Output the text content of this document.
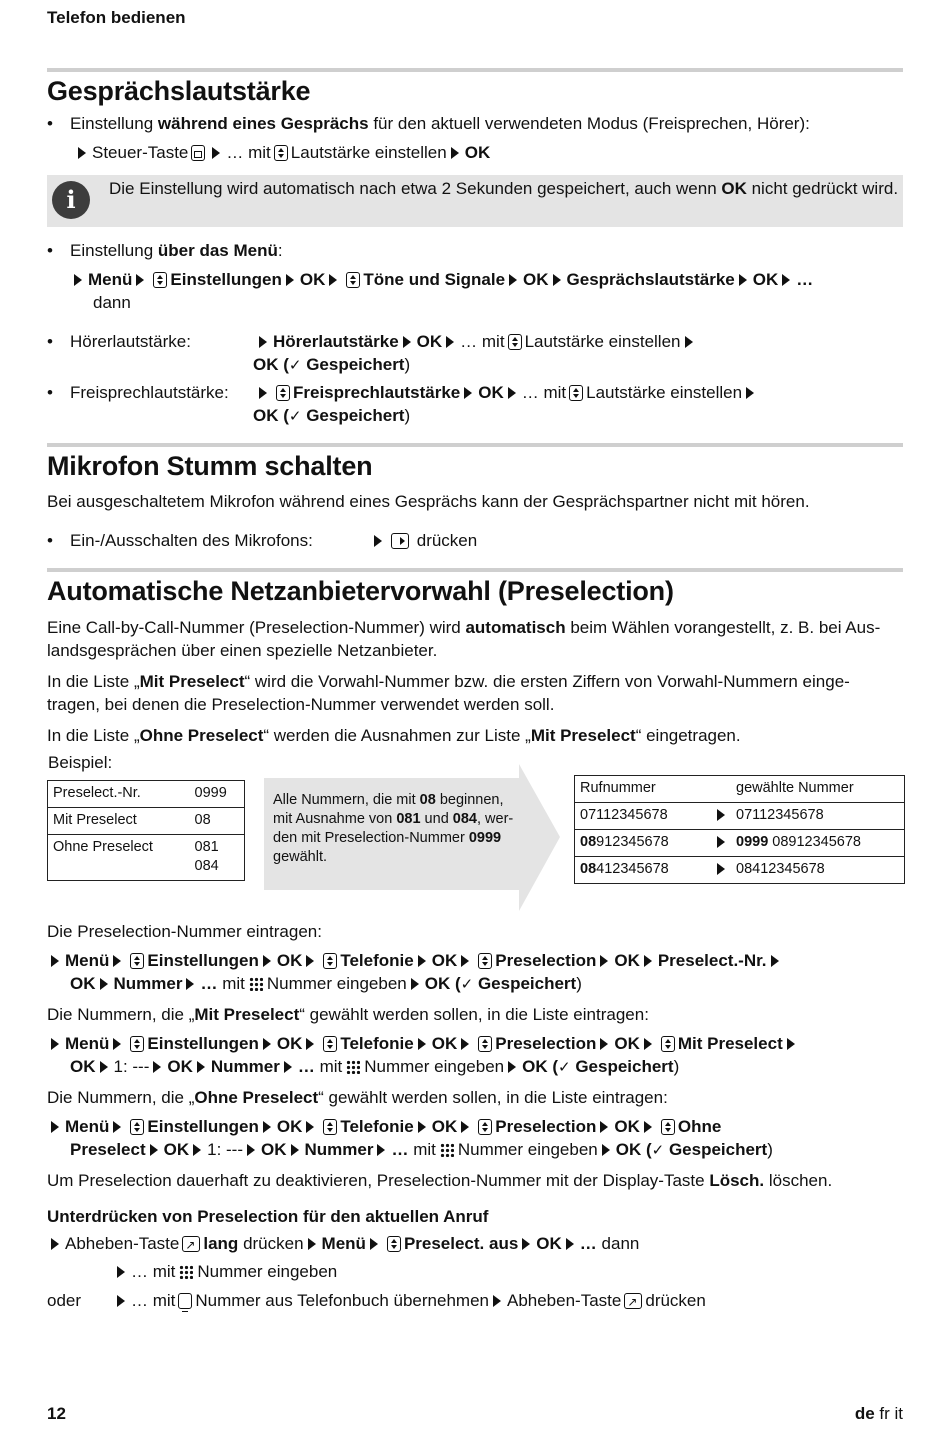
Telefon bedienen
Gesprächslautstärke
• Einstellung während eines Gesprächs für den aktuell verwendeten Modus (Freisprechen, Hörer):
Steuer-Taste … mit Lautstärke einstellen OK
i	Die Einstellung wird automatisch nach etwa 2 Sekunden gespeichert, auch wenn OK nicht gedrückt wird.
• Einstellung über das Menü:
Menü Einstellungen OK Töne und Signale OK Gesprächslautstärke OK …
dann
• Hörerlautstärke:	Hörerlautstärke OK … mit Lautstärke einstellen
OK (✓ Gespeichert)
• Freisprechlautstärke:	Freisprechlautstärke OK … mit Lautstärke einstellen
OK (✓ Gespeichert)
Mikrofon Stumm schalten
Bei ausgeschaltetem Mikrofon während eines Gesprächs kann der Gesprächspartner nicht mit hören.
• Ein-/Ausschalten des Mikrofons:	drücken
Automatische Netzanbietervorwahl (Preselection)
Eine Call-by-Call-Nummer (Preselection-Nummer) wird automatisch beim Wählen vorangestellt, z. B. bei Aus-
landsgesprächen über einen spezielle Netzanbieter.
In die Liste „Mit Preselect“ wird die Vorwahl-Nummer bzw. die ersten Ziffern von Vorwahl-Nummern einge-
tragen, bei denen die Preselection-Nummer verwendet werden soll.
In die Liste „Ohne Preselect“ werden die Ausnahmen zur Liste „Mit Preselect“ eingetragen.
Beispiel:
Preselect.-Nr.	0999
Mit Preselect	08
Ohne Preselect	081
084
Alle Nummern, die mit 08 beginnen,
mit Ausnahme von 081 und 084, wer-
den mit Preselection-Nummer 0999
gewählt.
Rufnummer		gewählte Nummer
07112345678		07112345678
08912345678		0999 08912345678
08412345678		08412345678
Die Preselection-Nummer eintragen:
Menü Einstellungen OK Telefonie OK Preselection OK Preselect.-Nr.
OK Nummer … mit Nummer eingeben OK (✓ Gespeichert)
Die Nummern, die „Mit Preselect“ gewählt werden sollen, in die Liste eintragen:
Menü Einstellungen OK Telefonie OK Preselection OK Mit Preselect
OK 1: --- OK Nummer … mit Nummer eingeben OK (✓ Gespeichert)
Die Nummern, die „Ohne Preselect“ gewählt werden sollen, in die Liste eintragen:
Menü Einstellungen OK Telefonie OK Preselection OK Ohne
Preselect OK 1: --- OK Nummer … mit Nummer eingeben OK (✓ Gespeichert)
Um Preselection dauerhaft zu deaktivieren, Preselection-Nummer mit der Display-Taste Lösch. löschen.
Unterdrücken von Preselection für den aktuellen Anruf
Abheben-Taste ↗ lang drücken Menü Preselect. aus OK … dann
… mit Nummer eingeben
oder	… mit Nummer aus Telefonbuch übernehmen Abheben-Taste ↗ drücken
12	de fr it
